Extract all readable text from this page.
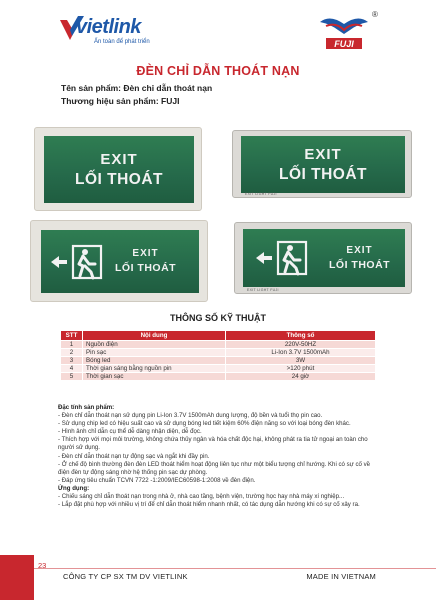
vietlink
Ấn toàn để phát triển	FUJI
®
ĐÈN CHỈ DẪN THOÁT NẠN
Tên sản phẩm: Đèn chỉ dẫn thoát nạn
Thương hiệu sản phẩm: FUJI
EXIT
LỐI THOÁT
EXIT
LỐI THOÁT
EXIT LIGHT FUJI
EXIT
LỐI THOÁT
EXIT
LỐI THOÁT
EXIT LIGHT FUJI
THÔNG SỐ KỸ THUẬT
STT	Nội dung	Thông số
1	Nguồn điện	220V-50HZ
2	Pin sạc	Li-Ion 3.7V 1500mAh
3	Bóng led	3W
4	Thời gian sáng bằng nguồn pin	>120 phút
5	Thời gian sạc	24 giờ
Đặc tính sản phẩm:
- Đèn chỉ dẫn thoát nạn sử dụng pin Li-Ion 3.7V 1500mAh dung lượng, độ bền và tuổi thọ pin cao.
- Sử dụng chip led có hiệu suất cao và sử dụng bóng led tiết kiệm 60% điện năng so với loại bóng đèn khác.
- Hình ảnh chỉ dẫn cụ thể dễ dàng nhận diện, dễ đọc.
- Thích hợp với mọi môi trường, không chứa thủy ngân và hóa chất độc hại, không phát ra tia tử ngoại an toàn cho người sử dụng.
- Đèn chỉ dẫn thoát nạn tự động sạc và ngắt khi đầy pin.
- Ở chế độ bình thường đèn đèn LED thoát hiểm hoạt động liên tục như một biểu tượng chỉ hướng. Khi có sự cố về điện đèn tự động sáng nhờ hệ thống pin sạc dự phòng.
- Đáp ứng tiêu chuẩn TCVN 7722 -1:2009/IEC60598-1:2008 về đèn điện.
Ứng dụng:
- Chiếu sáng chỉ dẫn thoát nạn trong nhà ở, nhà cao tầng, bệnh viện, trường học hay nhà máy xí nghiệp...
- Lắp đặt phù hợp với nhiều vị trí để chỉ dẫn thoát hiểm nhanh nhất, có tác dụng dẫn hướng khi có sự cố xảy ra.
23
CÔNG TY CP SX TM DV VIETLINK	MADE IN VIETNAM
